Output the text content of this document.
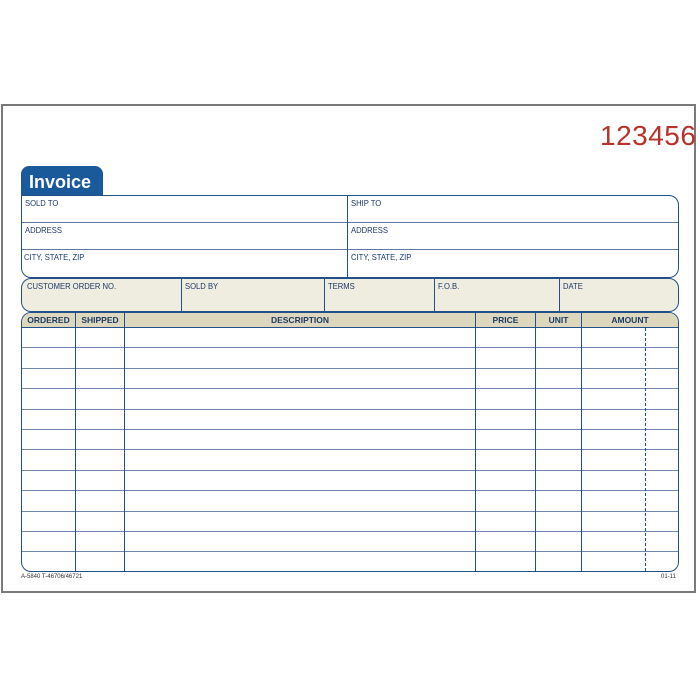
123456
Invoice
SOLD TO
ADDRESS
CITY, STATE, ZIP
SHIP TO
ADDRESS
CITY, STATE, ZIP
CUSTOMER ORDER NO.	SOLD BY	TERMS	F.O.B.	DATE
ORDERED	SHIPPED	DESCRIPTION	PRICE	UNIT	AMOUNT
A-5840 T-46706/46721	01-11
